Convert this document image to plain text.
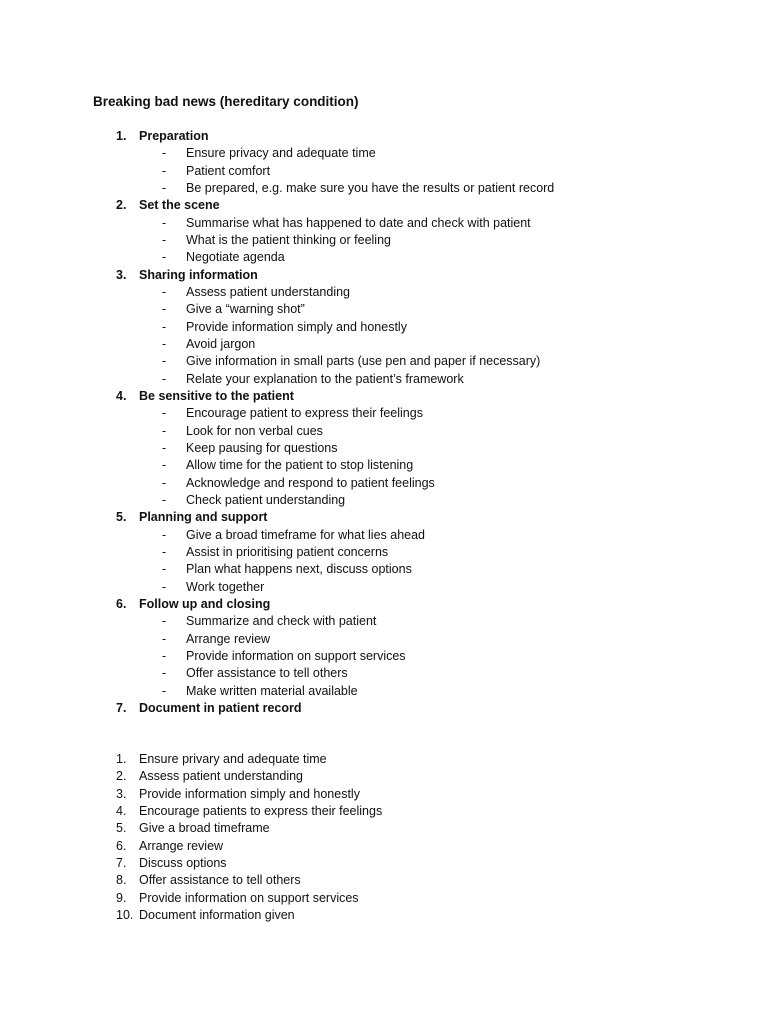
Breaking bad news (hereditary condition)
1.	Preparation
- Ensure privacy and adequate time
- Patient comfort
- Be prepared, e.g. make sure you have the results or patient record
2.	Set the scene
- Summarise what has happened to date and check with patient
- What is the patient thinking or feeling
- Negotiate agenda
3.	Sharing information
- Assess patient understanding
- Give a “warning shot”
- Provide information simply and honestly
- Avoid jargon
- Give information in small parts (use pen and paper if necessary)
- Relate your explanation to the patient’s framework
4.	Be sensitive to the patient
- Encourage patient to express their feelings
- Look for non verbal cues
- Keep pausing for questions
- Allow time for the patient to stop listening
- Acknowledge and respond to patient feelings
- Check patient understanding
5.	Planning and support
- Give a broad timeframe for what lies ahead
- Assist in prioritising patient concerns
- Plan what happens next, discuss options
- Work together
6.	Follow up and closing
- Summarize and check with patient
- Arrange review
- Provide information on support services
- Offer assistance to tell others
- Make written material available
7.	Document in patient record
1.	Ensure privary and adequate time
2.	Assess patient understanding
3.	Provide information simply and honestly
4.	Encourage patients to express their feelings
5.	Give a broad timeframe
6.	Arrange review
7.	Discuss options
8.	Offer assistance to tell others
9.	Provide information on support services
10. Document information given
